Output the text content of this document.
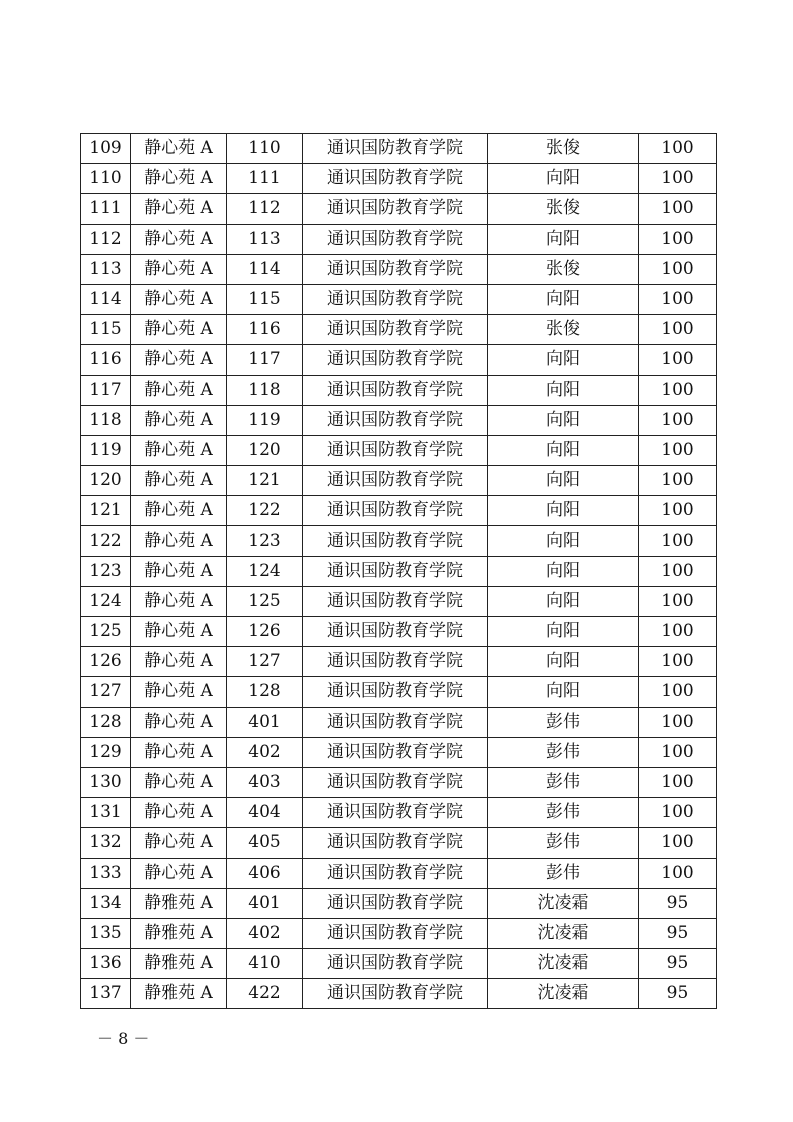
109	静心苑 A	110	通识国防教育学院	张俊	100
110	静心苑 A	111	通识国防教育学院	向阳	100
111	静心苑 A	112	通识国防教育学院	张俊	100
112	静心苑 A	113	通识国防教育学院	向阳	100
113	静心苑 A	114	通识国防教育学院	张俊	100
114	静心苑 A	115	通识国防教育学院	向阳	100
115	静心苑 A	116	通识国防教育学院	张俊	100
116	静心苑 A	117	通识国防教育学院	向阳	100
117	静心苑 A	118	通识国防教育学院	向阳	100
118	静心苑 A	119	通识国防教育学院	向阳	100
119	静心苑 A	120	通识国防教育学院	向阳	100
120	静心苑 A	121	通识国防教育学院	向阳	100
121	静心苑 A	122	通识国防教育学院	向阳	100
122	静心苑 A	123	通识国防教育学院	向阳	100
123	静心苑 A	124	通识国防教育学院	向阳	100
124	静心苑 A	125	通识国防教育学院	向阳	100
125	静心苑 A	126	通识国防教育学院	向阳	100
126	静心苑 A	127	通识国防教育学院	向阳	100
127	静心苑 A	128	通识国防教育学院	向阳	100
128	静心苑 A	401	通识国防教育学院	彭伟	100
129	静心苑 A	402	通识国防教育学院	彭伟	100
130	静心苑 A	403	通识国防教育学院	彭伟	100
131	静心苑 A	404	通识国防教育学院	彭伟	100
132	静心苑 A	405	通识国防教育学院	彭伟	100
133	静心苑 A	406	通识国防教育学院	彭伟	100
134	静雅苑 A	401	通识国防教育学院	沈凌霜	95
135	静雅苑 A	402	通识国防教育学院	沈凌霜	95
136	静雅苑 A	410	通识国防教育学院	沈凌霜	95
137	静雅苑 A	422	通识国防教育学院	沈凌霜	95
－ 8 －
